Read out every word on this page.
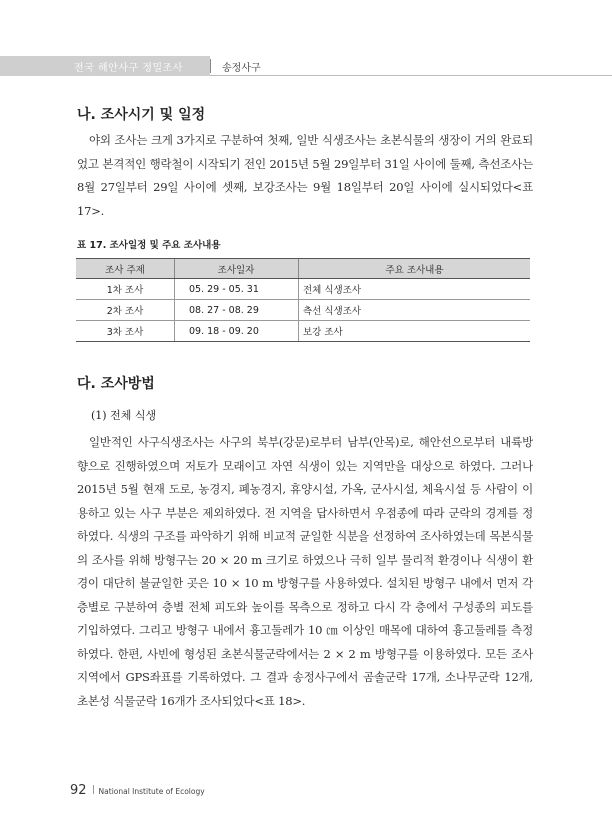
전국 해안사구 정밀조사	송정사구
나. 조사시기 및 일정

야외 조사는 크게 3가지로 구분하여 첫째, 일반 식생조사는 초본식물의 생장이 거의 완료되었고 본격적인 행락철이 시작되기 전인 2015년 5월 29일부터 31일 사이에 둘째, 측선조사는 8월 27일부터 29일 사이에 셋째, 보강조사는 9월 18일부터 20일 사이에 실시되었다<표 17>.

표 17. 조사일정 및 주요 조사내용
조사 주제	조사일자	주요 조사내용
1차 조사	05. 29 - 05. 31	전체 식생조사
2차 조사	08. 27 - 08. 29	측선 식생조사
3차 조사	09. 18 - 09. 20	보강 조사
다. 조사방법
(1) 전체 식생

일반적인 사구식생조사는 사구의 북부(강문)로부터 남부(안목)로, 해안선으로부터 내륙방향으로 진행하였으며 저토가 모래이고 자연 식생이 있는 지역만을 대상으로 하였다. 그러나 2015년 5월 현재 도로, 농경지, 폐농경지, 휴양시설, 가옥, 군사시설, 체육시설 등 사람이 이용하고 있는 사구 부분은 제외하였다. 전 지역을 답사하면서 우점종에 따라 군락의 경계를 정하였다. 식생의 구조를 파악하기 위해 비교적 균일한 식분을 선정하여 조사하였는데 목본식물의 조사를 위해 방형구는 20 × 20 m 크기로 하였으나 극히 일부 물리적 환경이나 식생이 환경이 대단히 불균일한 곳은 10 × 10 m 방형구를 사용하였다. 설치된 방형구 내에서 먼저 각 층별로 구분하여 층별 전체 피도와 높이를 목측으로 정하고 다시 각 층에서 구성종의 피도를 기입하였다. 그리고 방형구 내에서 흉고둘레가 10 ㎝ 이상인 매목에 대하여 흉고둘레를 측정하였다. 한편, 사빈에 형성된 초본식물군락에서는 2 × 2 m 방형구를 이용하였다. 모든 조사 지역에서 GPS좌표를 기록하였다. 그 결과 송정사구에서 곰솔군락 17개, 소나무군락 12개, 초본성 식물군락 16개가 조사되었다<표 18>.

92 National Institute of Ecology
